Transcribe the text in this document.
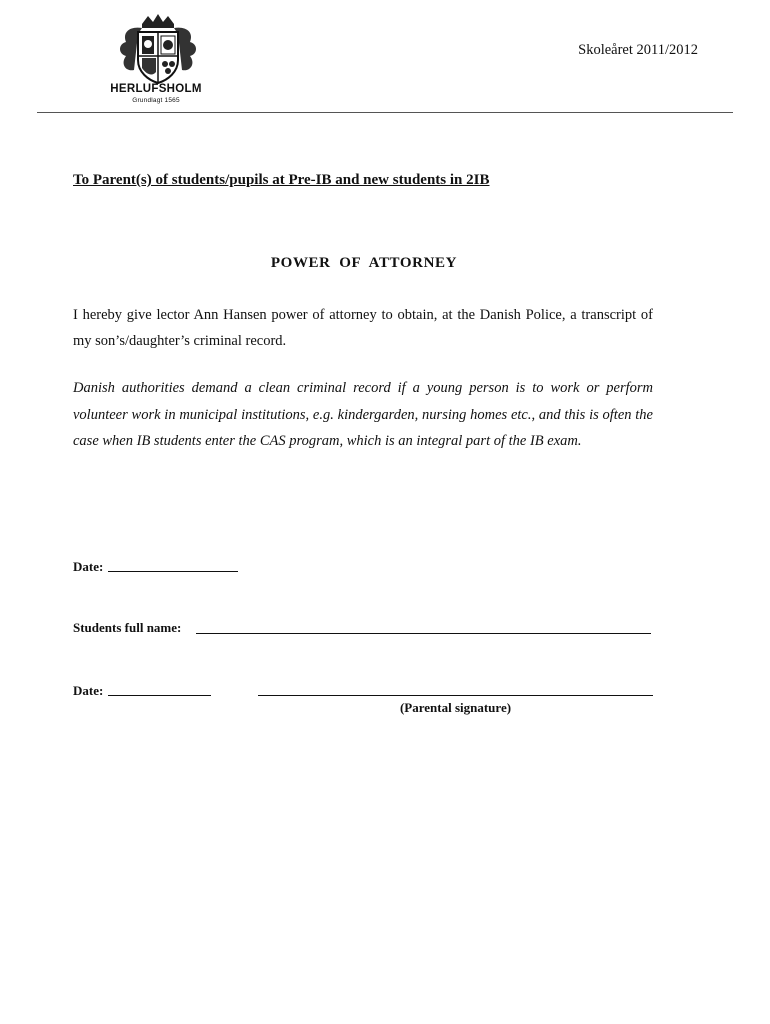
HERLUFSHOLM
Grundlagt 1565
Skoleåret 2011/2012
To Parent(s) of students/pupils at Pre-IB and new students in 2IB
POWER  OF  ATTORNEY
I hereby give lector Ann Hansen power of attorney to obtain, at the Danish Police, a transcript of my son’s/daughter’s criminal record.
Danish authorities demand a clean criminal record if a young person is to work or perform volunteer work in municipal institutions, e.g. kindergarden, nursing homes etc., and this is often the case when IB students enter the CAS program, which is an integral part of the IB exam.
Date:
Students full name:
Date:
(Parental signature)
